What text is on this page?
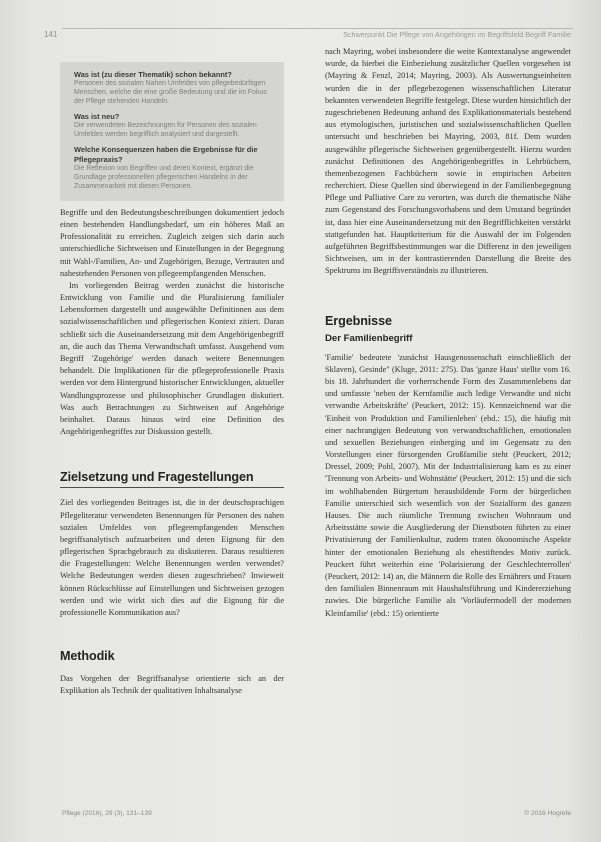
141	Schwerpunkt Die Pflege von Angehörigen im Begriffsfeld Begriff Familie
Was ist (zu dieser Thematik) schon bekannt?
Personen des sozialen Nahen Umfeldes von pflegebedürftigen Menschen, welche die eine große Bedeutung und die im Fokus der Pflege stehenden Handeln.
Was ist neu?
Die verwendeten Bezeichnungen für Personen des sozialen Umfeldes werden begrifflich analysiert und dargestellt.
Welche Konsequenzen haben die Ergebnisse für die Pflegepraxis?
Die Reflexion von Begriffen und deren Kontext, ergänzt die Grundlage professionellen pflegerischen Handelns in der Zusammenarbeit mit diesen Personen.

Begriffe und den Bedeutungsbeschreibungen dokumentiert jedoch einen bestehenden Handlungsbedarf, um ein höheres Maß an Professionalität zu erreichen. Zugleich zeigen sich darin auch unterschiedliche Sichtweisen und Einstellungen in der Begegnung mit Wahl-/Familien, An- und Zugehörigen, Bezuge, Vertrauten und nahestehenden Personen von pflegeempfangenden Menschen.

Im vorliegenden Beitrag werden zunächst die historische Entwicklung von Familie und die Pluralisierung familialer Lebensformen dargestellt und ausgewählte Definitionen aus dem sozialwissenschaftlichen und pflegerischen Kontext zitiert. Daran schließt sich die Auseinandersetzung mit dem Angehörigenbegriff an, die auch das Thema Verwandtschaft umfasst. Ausgehend vom Begriff 'Zugehörige' werden danach weitere Benennungen behandelt. Die Implikationen für die pflegeprofessionelle Praxis werden vor dem Hintergrund historischer Entwicklungen, aktueller Wandlungsprozesse und philosophischer Grundlagen diskutiert. Was auch Betrachtungen zu Sichtweisen auf Angehörige beinhaltet. Daraus hinaus wird eine Definition des Angehörigenbegriffes zur Diskussion gestellt.

Zielsetzung und Fragestellungen
Ziel des vorliegenden Beitrages ist, die in der deutschsprachigen Pflegeliteratur verwendeten Benennungen für Personen des nahen sozialen Umfeldes von pflegeempfangenden Menschen begriffsanalytisch aufzuarbeiten und deren Eignung für den pflegerischen Sprachgebrauch zu diskutieren. Daraus resultieren die Fragestellungen: Welche Benennungen werden verwendet? Welche Bedeutungen werden diesen zugeschrieben? Inwieweit können Rückschlüsse auf Einstellungen und Sichtweisen gezogen werden und wie wirkt sich dies auf die Eignung für die professionelle Kommunikation aus?
Methodik
Das Vorgehen der Begriffsanalyse orientierte sich an der Explikation als Technik der qualitativen Inhaltsanalyse
nach Mayring, wobei insbesondere die weite Kontextanalyse angewendet wurde, da hierbei die Einbeziehung zusätzlicher Quellen vorgesehen ist (Mayring & Fenzl, 2014; Mayring, 2003). Als Auswertungseinheiten wurden die in der pflegebezogenen wissenschaftlichen Literatur bekannten verwendeten Begriffe festgelegt. Diese wurden hinsichtlich der zugeschriebenen Bedeutung anhand des Explikationsmaterials bestehend aus etymologischen, juristischen und sozialwissenschaftlichen Quellen untersucht und beschrieben bei Mayring, 2003, 81f. Dem wurden ausgewählte pflegerische Sichtweisen gegenübergestellt. Hierzu wurden zunächst Definitionen des Angehörigenbegriffes in Lehrbüchern, themenbezogenen Fachbüchern sowie in empirischen Arbeiten recherchiert. Diese Quellen sind überwiegend in der Familienbegegnung Pflege und Palliative Care zu verorten, was durch die thematische Nähe zum Gegenstand des Forschungsvorhabens und dem Umstand begründet ist, dass hier eine Auseinandersetzung mit den Begrifflichkeiten verstärkt stattgefunden hat. Hauptkriterium für die Auswahl der im Folgenden aufgeführten Begriffsbestimmungen war die Differenz in den jeweiligen Sichtweisen, um in der kontrastierenden Darstellung die Breite des Spektrums im Begriffsverständnis zu illustrieren.
Ergebnisse
Der Familienbegriff
'Familie' bedeutete 'zunächst Hausgenossenschaft einschließlich der Sklaven), Gesinde'' (Kluge, 2011: 275). Das 'ganze Haus' stellte vom 16. bis 18. Jahrhundert die vorherrschende Form des Zusammenlebens dar und umfasste 'neben der Kernfamilie auch ledige Verwandte und nicht verwandte Arbeitskräfte' (Peuckert, 2012: 15). Kennzeichnend war die 'Einheit von Produktion und Familienleben' (ebd.: 15), die häufig mit einer nachrangigen Bedeutung von verwandtschaftlichen, emotionalen und sexuellen Beziehungen einherging und im Gegensatz zu den Vorstellungen einer fürsorgenden Großfamilie steht (Peuckert, 2012; Dressel, 2009; Pohl, 2007). Mit der Industrialisierung kam es zu einer 'Trennung von Arbeits- und Wohnstätte' (Peuckert, 2012: 15) und die sich im wohlhabenden Bürgertum herausbildende Form der bürgerlichen Familie unterschied sich wesentlich von der Sozialform des ganzen Hauses. Die auch räumliche Trennung zwischen Wohnraum und Arbeitsstätte sowie die Ausgliederung der Dienstboten führten zu einer Privatisierung der Familienkultur, zudem traten ökonomische Aspekte hinter der emotionalen Beziehung als ehestiftendes Motiv zurück. Peuckert führt weiterhin eine 'Polarisierung der Geschlechterrollen' (Peuckert, 2012: 14) an, die Männern die Rolle des Ernährers und Frauen den familialen Binnenraum mit Haushaltsführung und Kindererziehung zuwies. Die bürgerliche Familie als 'Vorläufermodell der modernen Kleinfamilie' (ebd.: 15) orientierte
Pflege (2016), 29 (3), 131–139	© 2016 Hogrefe
